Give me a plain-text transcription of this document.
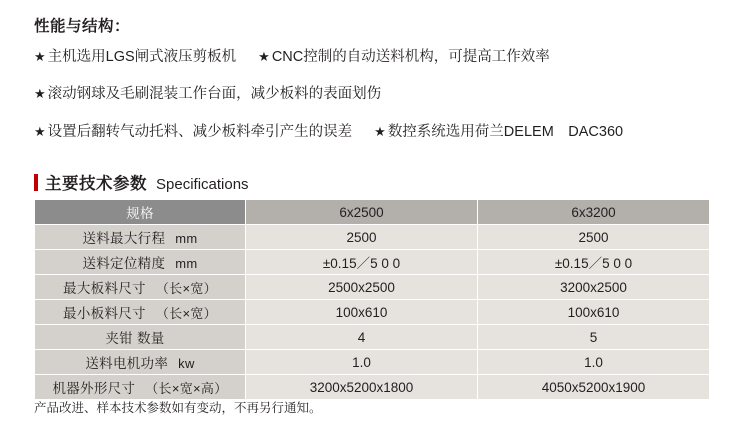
性能与结构：
★ 主机选用LGS闸式液压剪板机 ★ CNC控制的自动送料机构，可提高工作效率
★ 滚动钢球及毛刷混装工作台面，减少板料的表面划伤
★ 设置后翻转气动托料、减少板料牵引产生的误差 ★ 数控系统选用荷兰DELEM　DAC360
主要技术参数 Specifications
规格	6x2500	6x3200
送料最大行程 mm	2500	2500
送料定位精度 mm	±0.15／5 0 0	±0.15／5 0 0
最大板料尺寸 （长×宽）	2500x2500	3200x2500
最小板料尺寸 （长×宽）	100x610	100x610
夹钳 数量	4	5
送料电机功率 kw	1.0	1.0
机器外形尺寸 （长×宽×高）	3200x5200x1800	4050x5200x1900
产品改进、样本技术参数如有变动，不再另行通知。
